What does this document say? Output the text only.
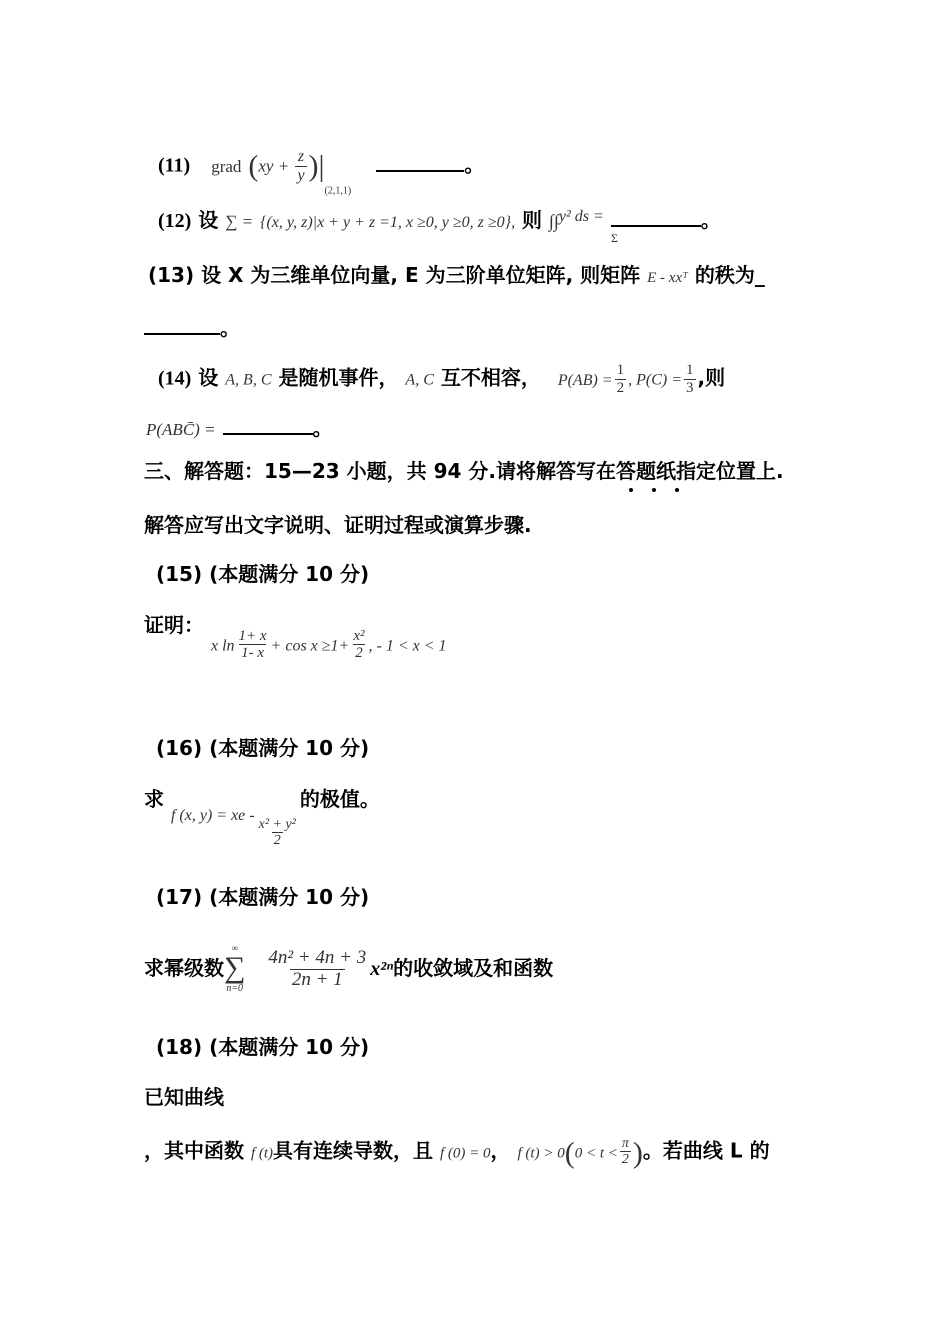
(11) grad $(xy + \frac{z}{y} )|_{(2,1,1)}$ 。
(12) 设 ∑ = {(x, y, z)|x + y + z =1, x ≥0, y ≥0, z ≥0}, 则 ∫∫$^{y^2 ds =}$	。
Σ
(13) 设 X 为三维单位向量, E 为三阶单位矩阵, 则矩阵 E - xxᵀ 的秩为_
。
(14) 设 A, B, C 是随机事件， A, C 互不相容， $P(AB) = \frac{1}{2}$ , $P(C) = \frac{1}{3}$ ,则
P(ABC̄) =	。
三、解答题：15—23 小题，共 94 分.请将解答写在答题纸指定位置上.
解答应写出文字说明、证明过程或演算步骤.
(15) (本题满分 10 分)
证明： x $\ln \frac{1+ x}{1- x} + \cos x \ge 1+ \frac{\text{x²}}{2}$ , - 1 < x < 1
(16) (本题满分 10 分)
求 f (x, y) = xe -
$\frac{\text{x² + y²}}{2}$
的极值。
(17) (本题满分 10 分)
求幂级数
∞
∑
n=0
$\frac{\text{4n² + 4n + 3}}{2n + 1} x^{2n}$的收敛域及和函数
(18) (本题满分 10 分)
已知曲线
，其中函数 f (t)具有连续导数，且 f (0) = 0， f $(t) > 0(0 < t < \frac{\pi}{2}$ )。若曲线 L 的
